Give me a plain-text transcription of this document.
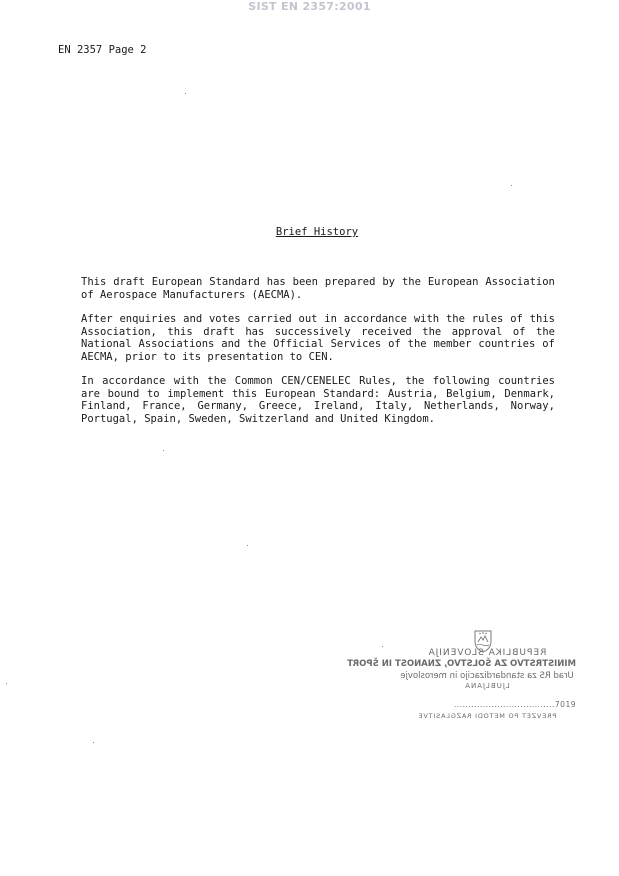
SIST EN 2357:2001
EN 2357 Page 2
Brief History
This draft European Standard has been prepared by the European Association
of Aerospace Manufacturers (AECMA).
After enquiries and votes carried out in accordance with the rules of this
Association, this draft has successively received the approval of the
National Associations and the Official Services of the member countries of
AECMA, prior to its presentation to CEN.
In accordance with the Common CEN/CENELEC Rules, the following countries
are bound to implement this European Standard: Austria, Belgium, Denmark,
Finland, France, Germany, Greece, Ireland, Italy, Netherlands, Norway,
Portugal, Spain, Sweden, Switzerland and United Kingdom.
REPUBLIKA SLOVENIJA
MINISTRSTVO ZA ŠOLSTVO, ZNANOST IN ŠPORT
Urad RS za standardizacijo in meroslovje
LJUBLJANA
...................................7019
PREVZET PO METODI RAZGLASITVE
